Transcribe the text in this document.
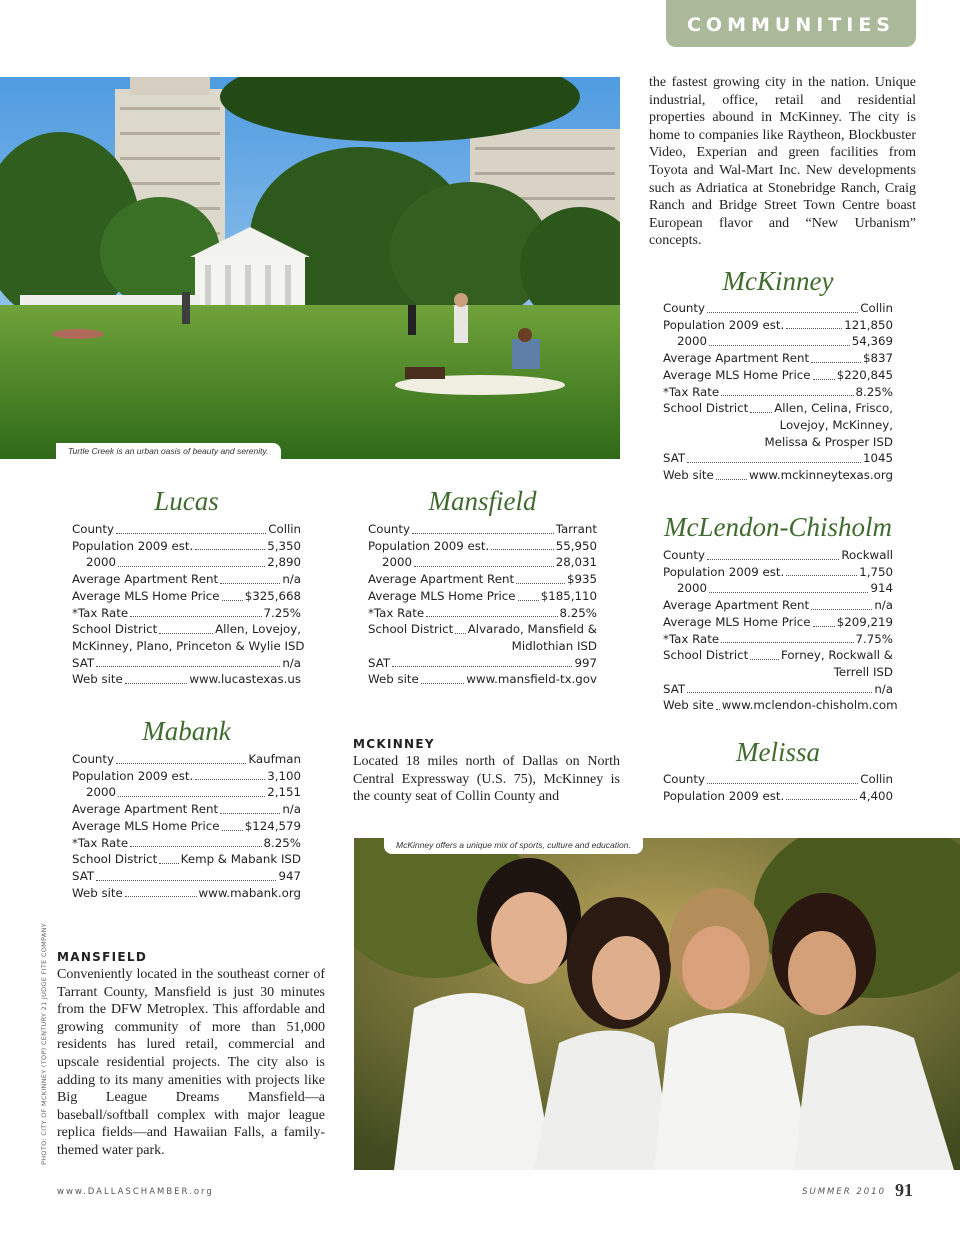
COMMUNITIES
Turtle Creek is an urban oasis of beauty and serenity.
the fastest growing city in the nation. Unique industrial, office, retail and residential properties abound in McKinney. The city is home to companies like Raytheon, Blockbuster Video, Experian and green facilities from Toyota and Wal-Mart Inc. New developments such as Adriatica at Stonebridge Ranch, Craig Ranch and Bridge Street Town Centre boast European flavor and “New Urbanism” concepts.
McKinney
County	Collin
Population 2009 est.	121,850
2000	54,369
Average Apartment Rent	$837
Average MLS Home Price $220,845
*Tax Rate	8.25%
School District Allen, Celina, Frisco,
Lovejoy, McKinney,
Melissa & Prosper ISD
SAT	1045
Web site	www.mckinneytexas.org
Lucas
County	Collin
Population 2009 est.	5,350
2000	2,890
Average Apartment Rent	n/a
Average MLS Home Price $325,668
*Tax Rate	7.25%
School District	Allen, Lovejoy,
McKinney, Plano, Princeton & Wylie ISD
SAT	n/a
Web site	www.lucastexas.us
Mansfield
County	Tarrant
Population 2009 est.	55,950
2000	28,031
Average Apartment Rent	$935
Average MLS Home Price $185,110
*Tax Rate	8.25%
School District Alvarado, Mansfield &
Midlothian ISD
SAT	997
Web site	www.mansfield-tx.gov
McLendon-Chisholm
County	Rockwall
Population 2009 est.	1,750
2000	914
Average Apartment Rent	n/a
Average MLS Home Price $209,219
*Tax Rate	7.75%
School District	Forney, Rockwall &
Terrell ISD
SAT	n/a
Web site www.mclendon-chisholm.com
Mabank
County	Kaufman
Population 2009 est.	3,100
2000	2,151
Average Apartment Rent	n/a
Average MLS Home Price $124,579
*Tax Rate	8.25%
School District Kemp & Mabank ISD
SAT	947
Web site	www.mabank.org
Melissa
County	Collin
Population 2009 est.	4,400
MCKINNEY
Located 18 miles north of Dallas on North Central Expressway (U.S. 75), McKinney is the county seat of Collin County and
McKinney offers a unique mix of sports, culture and education.
MANSFIELD
Conveniently located in the southeast corner of Tarrant County, Mansfield is just 30 minutes from the DFW Metroplex. This affordable and growing community of more than 51,000 residents has lured retail, commercial and upscale residential projects. The city also is adding to its many amenities with projects like Big League Dreams Mansfield—a baseball/softball complex with major league replica fields—and Hawaiian Falls, a family-themed water park.
PHOTO: CITY OF MCKINNEY (TOP) CENTURY 21 JUDGE FITE COMPANY
www.DALLASCHAMBER.org	SUMMER 2010 91
